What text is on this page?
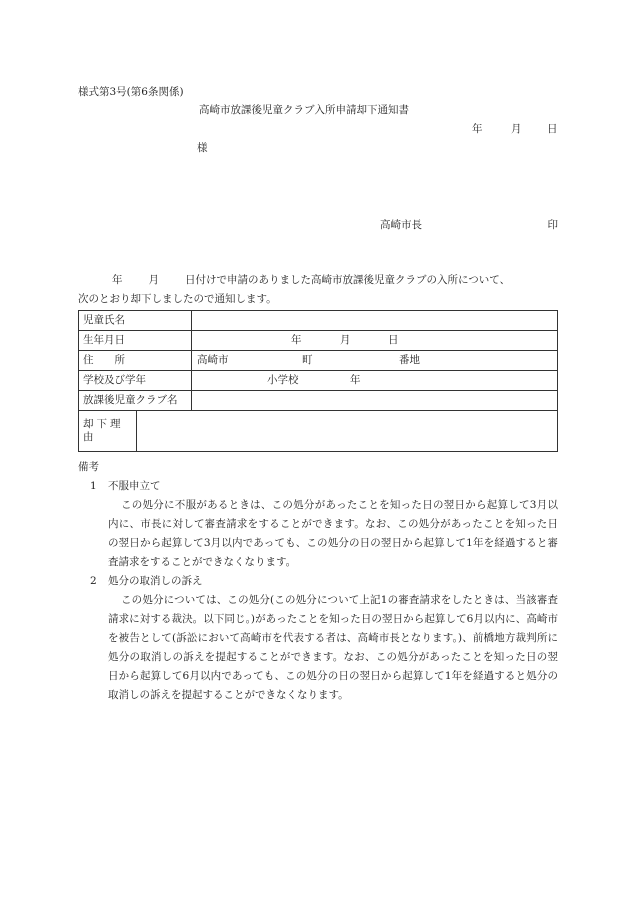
様式第3号(第6条関係)
高崎市放課後児童クラブ入所申請却下通知書
年	月 日
様
高崎市長	印
年 月 日付けで申請のありました高崎市放課後児童クラブの入所について、
次のとおり却下しましたので通知します。
児童氏名		
生年月日		年 月 日

住　　所		高崎市 町 番地

学校及び学年		小学校 年

放課後児童クラブ名		
却下理由		
備考
1 不服申立て
この処分に不服があるときは、この処分があったことを知った日の翌日から起算して3月以内に、市長に対して審査請求をすることができます。なお、この処分があったことを知った日の翌日から起算して3月以内であっても、この処分の日の翌日から起算して1年を経過すると審査請求をすることができなくなります。
2 処分の取消しの訴え
この処分については、この処分(この処分について上記1の審査請求をしたときは、当該審査請求に対する裁決。以下同じ。)があったことを知った日の翌日から起算して6月以内に、高崎市を被告として(訴訟において高崎市を代表する者は、高崎市長となります。)、前橋地方裁判所に処分の取消しの訴えを提起することができます。なお、この処分があったことを知った日の翌日から起算して6月以内であっても、この処分の日の翌日から起算して1年を経過すると処分の取消しの訴えを提起することができなくなります。
